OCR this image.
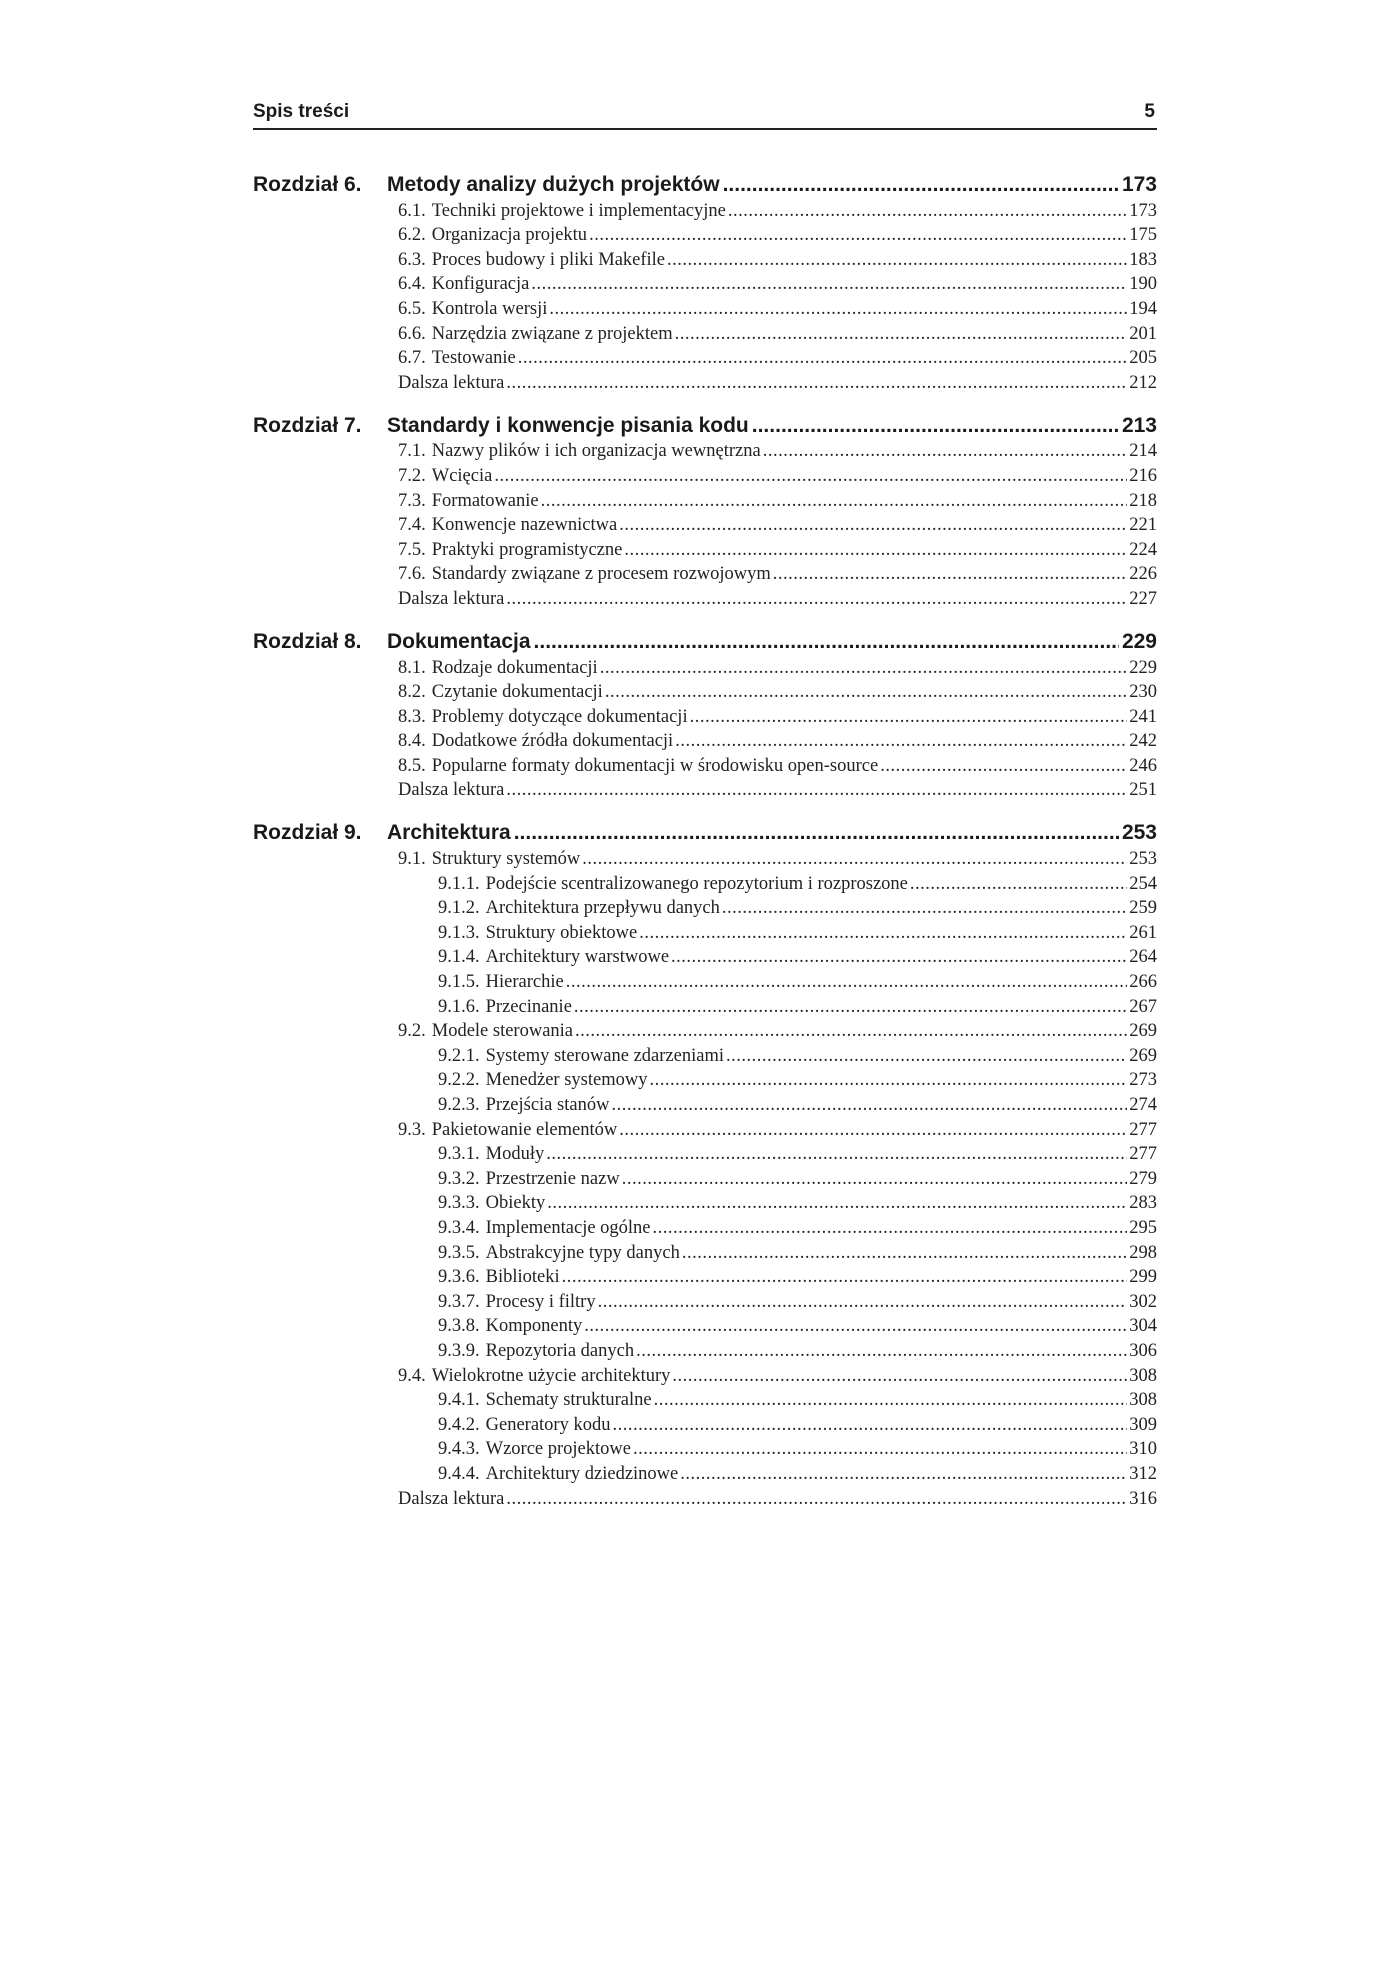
Spis treści	5
Rozdział 6.	Metody analizy dużych projektów .....	173
6.1. Techniki projektowe i implementacyjne .....	173
6.2. Organizacja projektu .....	175
6.3. Proces budowy i pliki Makefile .....	183
6.4. Konfiguracja .....	190
6.5. Kontrola wersji .....	194
6.6. Narzędzia związane z projektem .....	201
6.7. Testowanie .....	205
Dalsza lektura .....	212
Rozdział 7.	Standardy i konwencje pisania kodu .....	213
7.1. Nazwy plików i ich organizacja wewnętrzna .....	214
7.2. Wcięcia .....	216
7.3. Formatowanie .....	218
7.4. Konwencje nazewnictwa .....	221
7.5. Praktyki programistyczne .....	224
7.6. Standardy związane z procesem rozwojowym .....	226
Dalsza lektura .....	227
Rozdział 8.	Dokumentacja .....	229
8.1. Rodzaje dokumentacji .....	229
8.2. Czytanie dokumentacji .....	230
8.3. Problemy dotyczące dokumentacji .....	241
8.4. Dodatkowe źródła dokumentacji .....	242
8.5. Popularne formaty dokumentacji w środowisku open-source .....	246
Dalsza lektura .....	251
Rozdział 9.	Architektura .....	253
9.1. Struktury systemów .....	253
9.1.1. Podejście scentralizowanego repozytorium i rozproszone .....	254
9.1.2. Architektura przepływu danych .....	259
9.1.3. Struktury obiektowe .....	261
9.1.4. Architektury warstwowe .....	264
9.1.5. Hierarchie .....	266
9.1.6. Przecinanie .....	267
9.2. Modele sterowania .....	269
9.2.1. Systemy sterowane zdarzeniami .....	269
9.2.2. Menedżer systemowy .....	273
9.2.3. Przejścia stanów .....	274
9.3. Pakietowanie elementów .....	277
9.3.1. Moduły .....	277
9.3.2. Przestrzenie nazw .....	279
9.3.3. Obiekty .....	283
9.3.4. Implementacje ogólne .....	295
9.3.5. Abstrakcyjne typy danych .....	298
9.3.6. Biblioteki .....	299
9.3.7. Procesy i filtry .....	302
9.3.8. Komponenty .....	304
9.3.9. Repozytoria danych .....	306
9.4. Wielokrotne użycie architektury .....	308
9.4.1. Schematy strukturalne .....	308
9.4.2. Generatory kodu .....	309
9.4.3. Wzorce projektowe .....	310
9.4.4. Architektury dziedzinowe .....	312
Dalsza lektura .....	316
